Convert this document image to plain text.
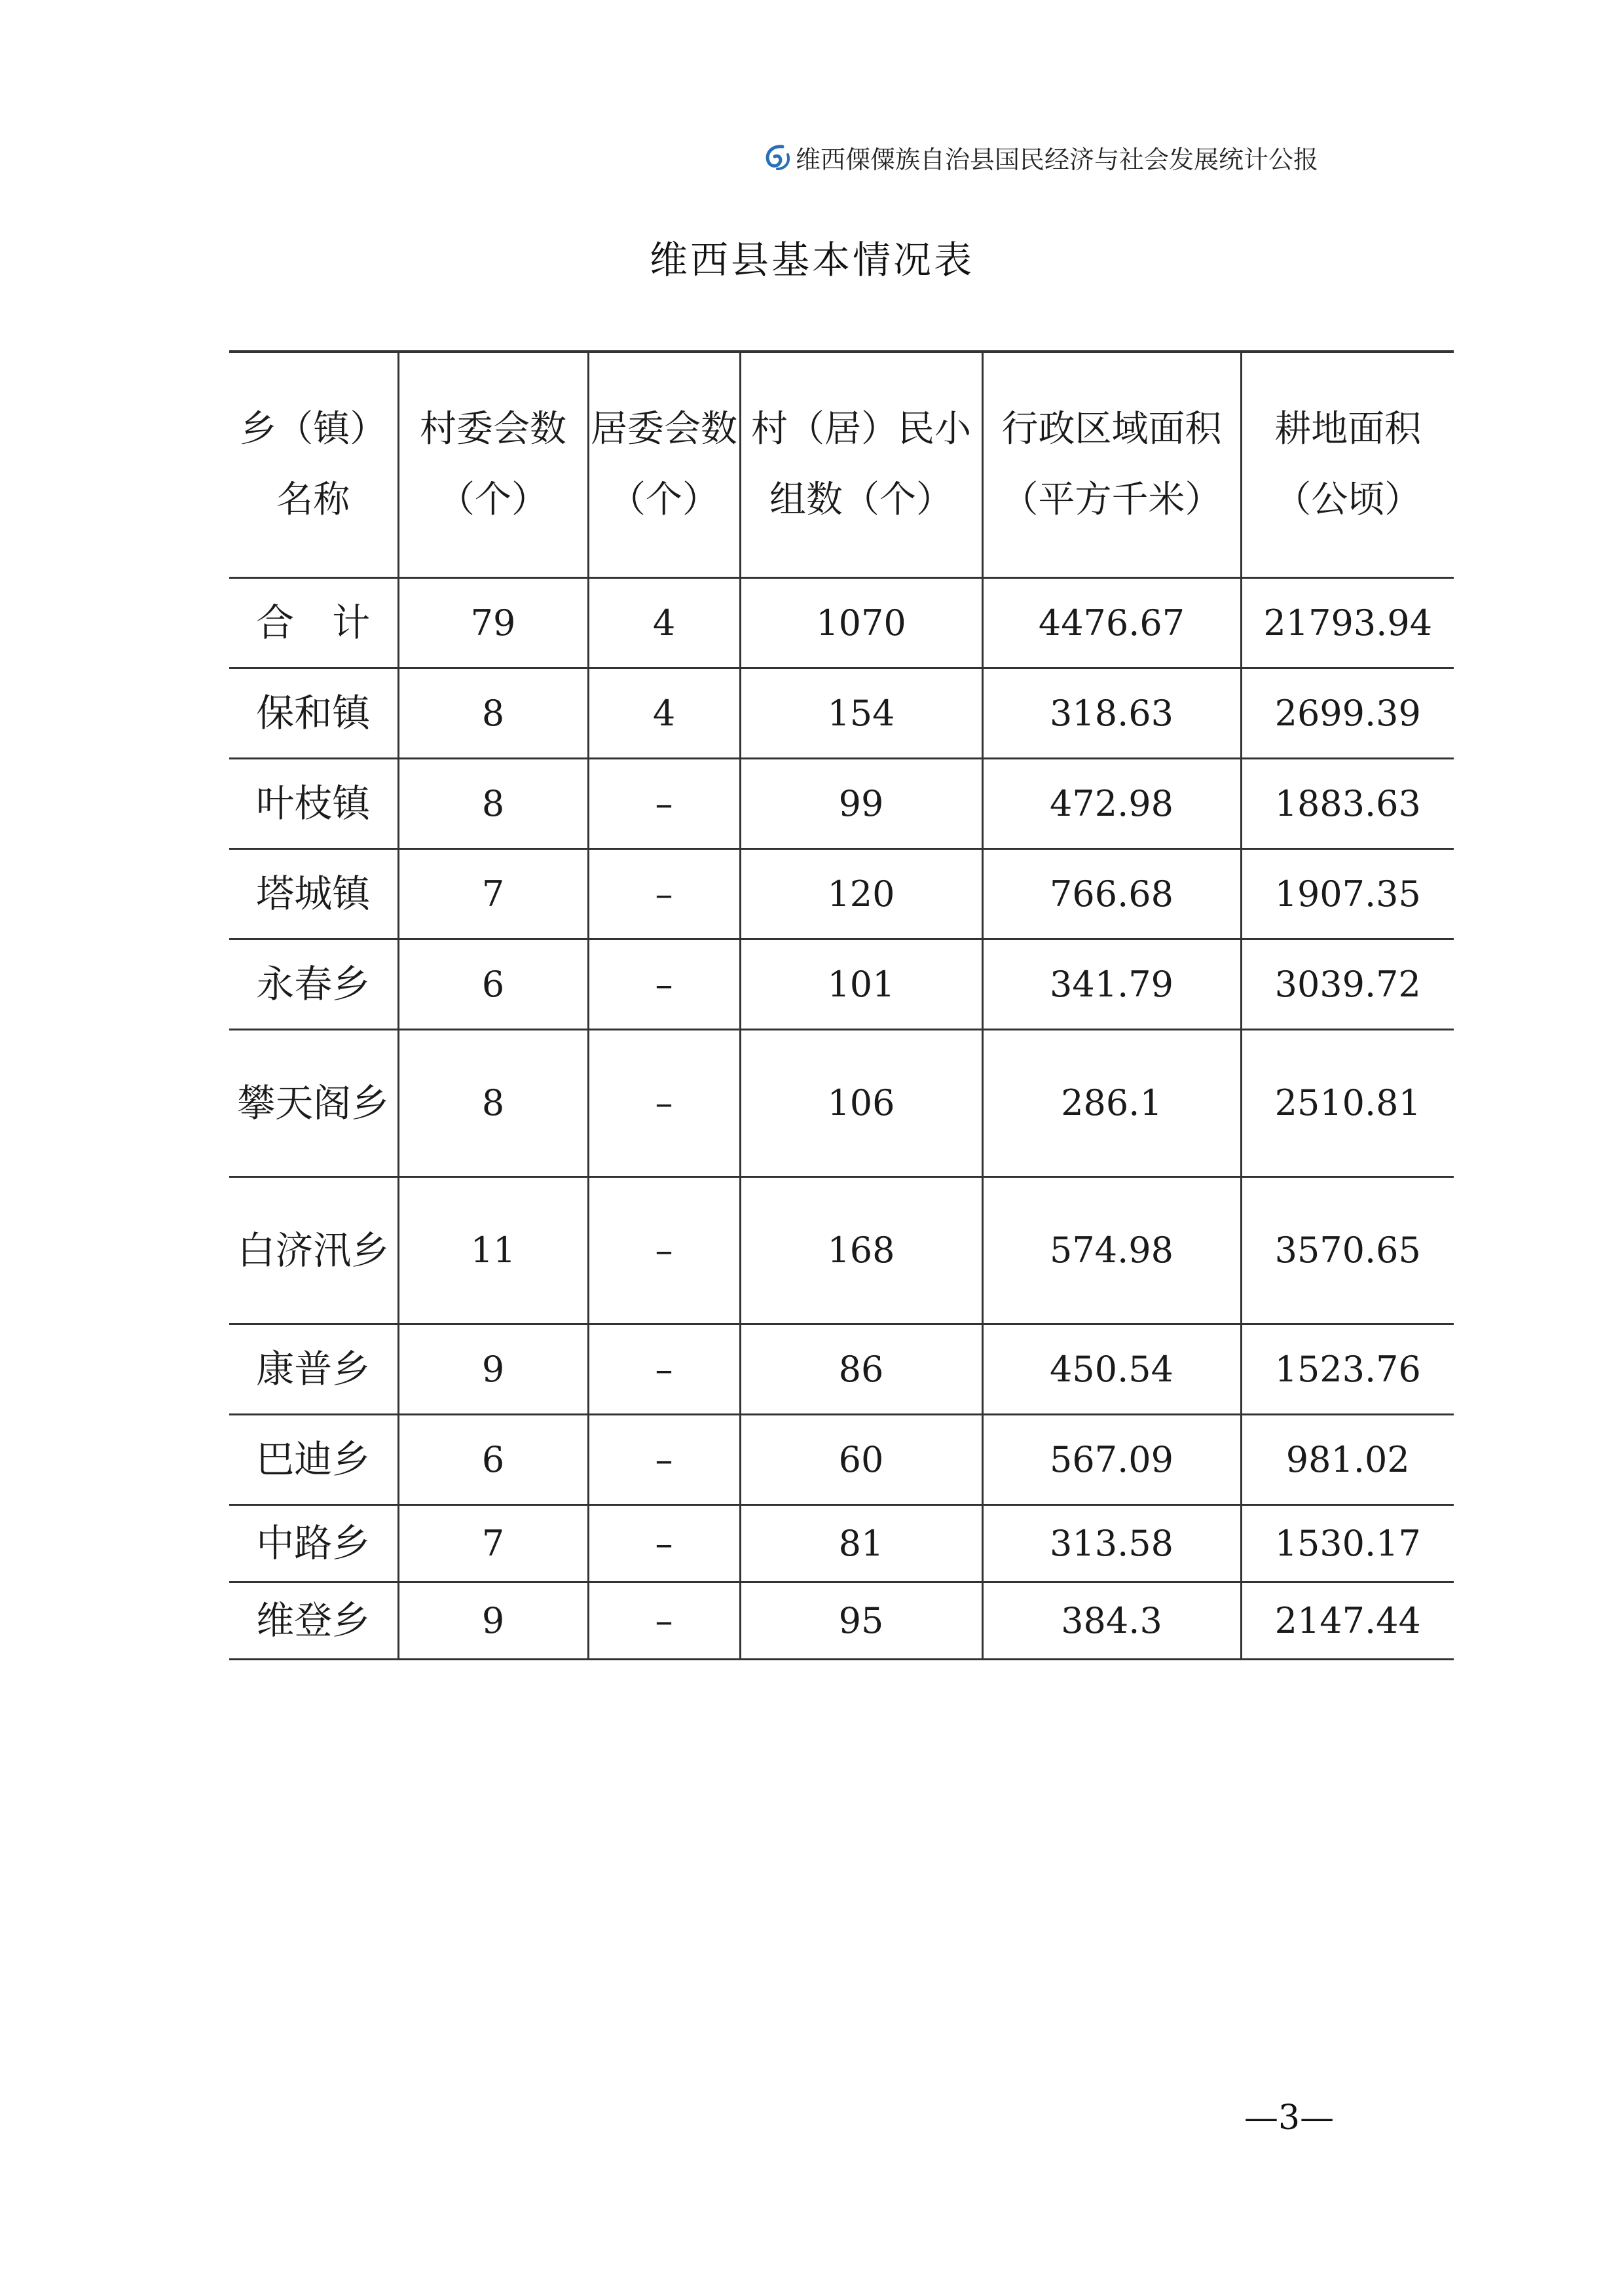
维西傈僳族自治县国民经济与社会发展统计公报
维西县基本情况表
乡（镇）名称	村委会数（个）	居委会数（个）	村（居）民小组数（个）	行政区域面积（平方千米）	耕地面积（公顷）
合　计	79	4	1070	4476.67	21793.94
保和镇	8	4	154	318.63	2699.39
叶枝镇	8	–	99	472.98	1883.63
塔城镇	7	–	120	766.68	1907.35
永春乡	6	–	101	341.79	3039.72
攀天阁乡	8	–	106	286.1	2510.81
白济汛乡	11	–	168	574.98	3570.65
康普乡	9	–	86	450.54	1523.76
巴迪乡	6	–	60	567.09	981.02
中路乡	7	–	81	313.58	1530.17
维登乡	9	–	95	384.3	2147.44
—3—
